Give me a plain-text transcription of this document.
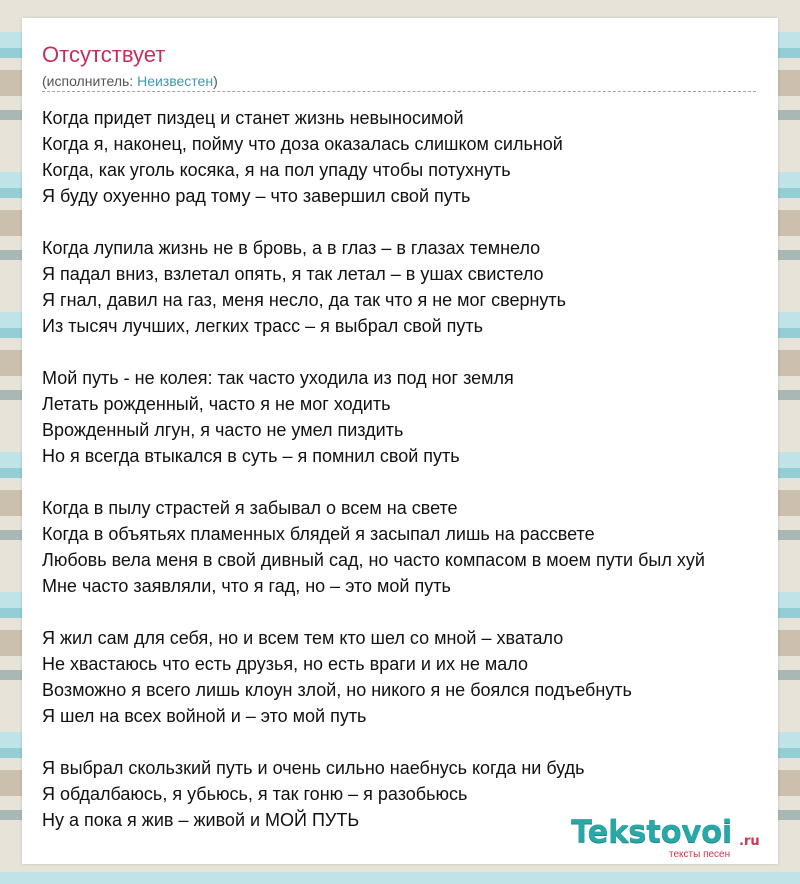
Отсутствует
(исполнитель: Неизвестен)
Когда придет пиздец и станет жизнь невыносимой
Когда я, наконец, пойму что доза оказалась слишком сильной
Когда, как уголь косяка, я на пол упаду чтобы потухнуть
Я буду охуенно рад тому – что завершил свой путь
Когда лупила жизнь не в бровь, а в глаз – в глазах темнело
Я падал вниз, взлетал опять, я так летал – в ушах свистело
Я гнал, давил на газ, меня несло, да так что я не мог свернуть
Из тысяч лучших, легких трасс – я выбрал свой путь
Мой путь - не колея: так часто уходила из под ног земля
Летать рожденный, часто я не мог ходить
Врожденный лгун, я часто не умел пиздить
Но я всегда втыкался в суть – я помнил свой путь
Когда в пылу страстей я забывал о всем на свете
Когда в объятьях пламенных блядей я засыпал лишь на рассвете
Любовь вела меня в свой дивный сад, но часто компасом в моем пути был хуй
Мне часто заявляли, что я гад, но – это мой путь
Я жил сам для себя, но и всем тем кто шел со мной – хватало
Не хвастаюсь что есть друзья, но есть враги и их не мало
Возможно я всего лишь клоун злой, но никого я не боялся подъебнуть
Я шел на всех войной и – это мой путь
Я выбрал скользкий путь и очень сильно наебнусь когда ни будь
Я обдалбаюсь, я убьюсь, я так гоню – я разобьюсь
Ну а пока я жив – живой и МОЙ ПУТЬ	Tekstovoi .ru
тексты песен
